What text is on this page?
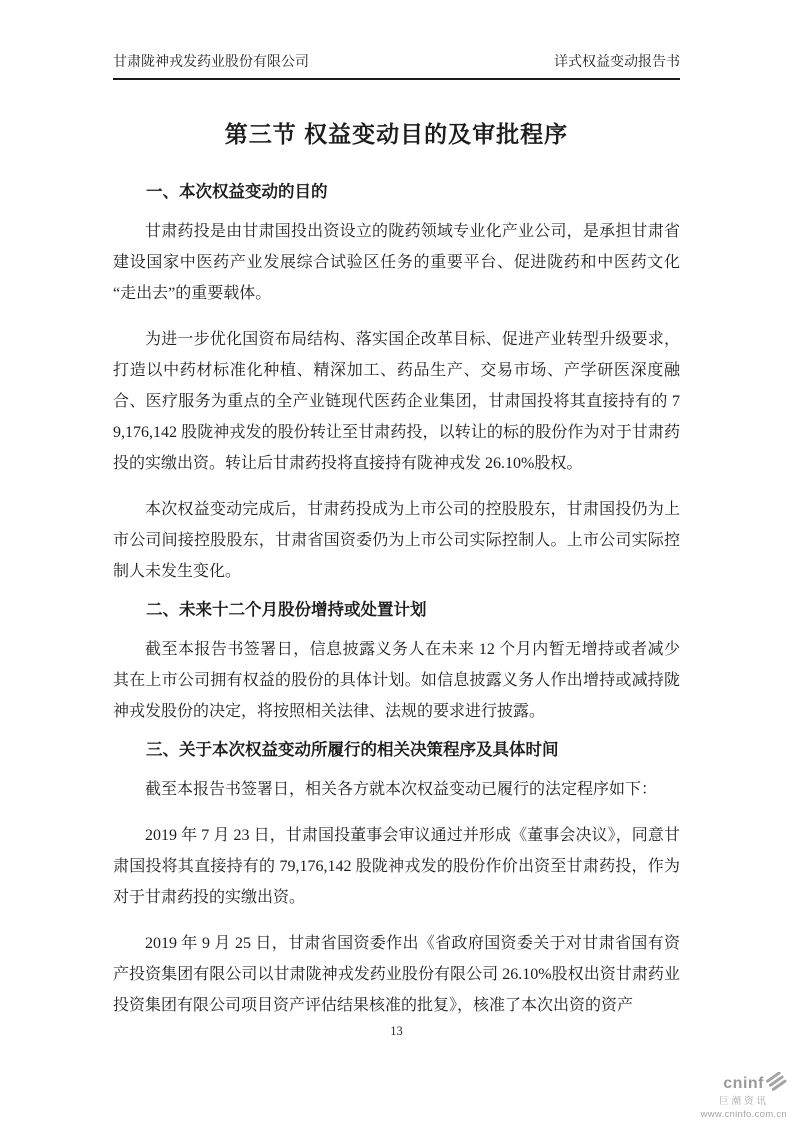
甘肃陇神戎发药业股份有限公司	详式权益变动报告书
第三节 权益变动目的及审批程序
一、本次权益变动的目的

甘肃药投是由甘肃国投出资设立的陇药领域专业化产业公司，是承担甘肃省建设国家中医药产业发展综合试验区任务的重要平台、促进陇药和中医药文化“走出去”的重要载体。

为进一步优化国资布局结构、落实国企改革目标、促进产业转型升级要求，打造以中药材标准化种植、精深加工、药品生产、交易市场、产学研医深度融合、医疗服务为重点的全产业链现代医药企业集团，甘肃国投将其直接持有的 79,176,142 股陇神戎发的股份转让至甘肃药投，以转让的标的股份作为对于甘肃药投的实缴出资。转让后甘肃药投将直接持有陇神戎发 26.10%股权。

本次权益变动完成后，甘肃药投成为上市公司的控股股东，甘肃国投仍为上市公司间接控股股东，甘肃省国资委仍为上市公司实际控制人。上市公司实际控制人未发生变化。

二、未来十二个月股份增持或处置计划

截至本报告书签署日，信息披露义务人在未来 12 个月内暂无增持或者减少其在上市公司拥有权益的股份的具体计划。如信息披露义务人作出增持或减持陇神戎发股份的决定，将按照相关法律、法规的要求进行披露。

三、关于本次权益变动所履行的相关决策程序及具体时间

截至本报告书签署日，相关各方就本次权益变动已履行的法定程序如下：

2019 年 7 月 23 日，甘肃国投董事会审议通过并形成《董事会决议》，同意甘肃国投将其直接持有的 79,176,142 股陇神戎发的股份作价出资至甘肃药投，作为对于甘肃药投的实缴出资。

2019 年 9 月 25 日，甘肃省国资委作出《省政府国资委关于对甘肃省国有资产投资集团有限公司以甘肃陇神戎发药业股份有限公司 26.10%股权出资甘肃药业投资集团有限公司项目资产评估结果核准的批复》，核准了本次出资的资产

13
cninf
巨潮资讯
www.cninfo.com.cn
